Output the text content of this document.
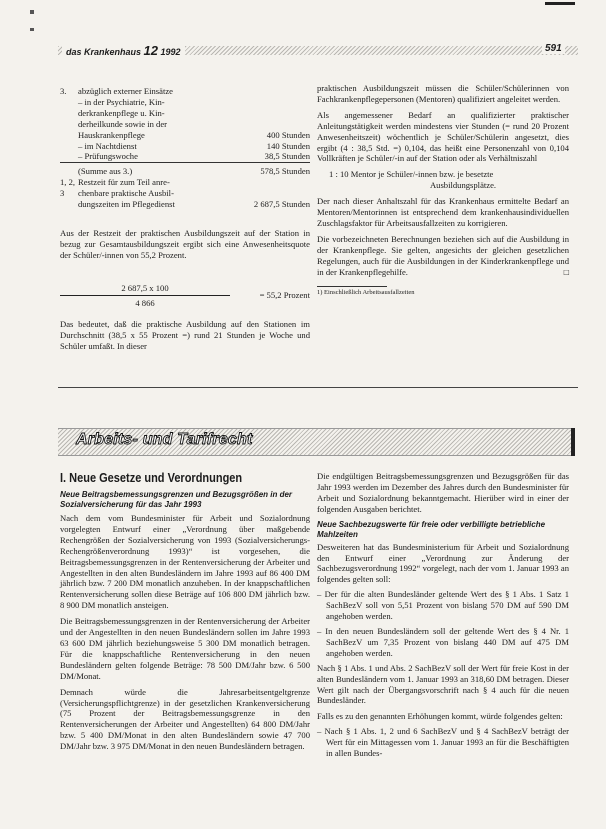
das Krankenhaus 12 1992	591
3.	abzüglich externer Einsätze
– in der Psychiatrie, Kin-
derkrankenpflege u. Kin-
derheilkunde sowie in der
Hauskrankenpflege	400 Stunden
– im Nachtdienst	140 Stunden
– Prüfungswoche	38,5 Stunden
(Summe aus 3.)	578,5 Stunden
1, 2, Restzeit für zum Teil anre-
3	chenbare praktische Ausbil-
dungszeiten im Pflegedienst	2 687,5 Stunden

Aus der Restzeit der praktischen Ausbildungszeit auf der Station in bezug zur Gesamtausbildungszeit ergibt sich eine Anwesenheitsquote der Schüler/-innen von 55,2 Prozent.

2 687,5 x 100
4 866
= 55,2 Prozent

Das bedeutet, daß die praktische Ausbildung auf den Stationen im Durchschnitt (38,5 x 55 Prozent =) rund 21 Stunden je Woche und Schüler umfaßt. In dieser

praktischen Ausbildungszeit müssen die Schüler/Schülerinnen von Fachkrankenpflegepersonen (Mentoren) qualifiziert angeleitet werden.

Als angemessener Bedarf an qualifizierter praktischer Anleitungstätigkeit werden mindestens vier Stunden (= rund 20 Prozent Anwesenheitszeit) wöchentlich je Schüler/Schülerin angesetzt, dies ergibt (4 : 38,5 Std. =) 0,104, das heißt eine Personenzahl von 0,104 Vollkräften je Schüler/-in auf der Station oder als Verhältniszahl

1 : 10 Mentor je Schüler/-innen bzw. je besetzte

Ausbildungsplätze.

Der nach dieser Anhaltszahl für das Krankenhaus ermittelte Bedarf an Mentoren/Mentorinnen ist entsprechend dem krankenhausindividuellen Zuschlagsfaktor für Arbeitsausfallzeiten zu korrigieren.

Die vorbezeichneten Berechnungen beziehen sich auf die Ausbildung in der Krankenpflege. Sie gelten, angesichts der gleichen gesetzlichen Regelungen, auch für die Ausbildungen in der Kinderkrankenpflege und in der Krankenpflegehilfe.	□

1) Einschließlich Arbeitsausfallzeiten

Arbeits- und Tarifrecht
I. Neue Gesetze und Verordnungen

Neue Beitragsbemessungsgrenzen und Bezugsgrößen in der Sozialversicherung für das Jahr 1993

Nach dem vom Bundesminister für Arbeit und Sozialordnung vorgelegten Entwurf einer „Verordnung über maßgebende Rechengrößen der Sozialversicherung von 1993 (Sozialversicherungs-Rechengrößenverordnung 1993)“ ist vorgesehen, die Beitragsbemessungsgrenzen in der Rentenversicherung der Arbeiter und Angestellten in den alten Bundesländern im Jahre 1993 auf 86 400 DM jährlich bzw. 7 200 DM monatlich anzuheben. In der knappschaftlichen Rentenversicherung sollen diese Beträge auf 106 800 DM jährlich bzw. 8 900 DM monatlich ansteigen.

Die Beitragsbemessungsgrenzen in der Rentenversicherung der Arbeiter und der Angestellten in den neuen Bundesländern sollen im Jahre 1993 63 600 DM jährlich beziehungsweise 5 300 DM monatlich betragen. Für die knappschaftliche Rentenversicherung in den neuen Bundesländern gelten folgende Beträge: 78 500 DM/Jahr bzw. 6 500 DM/Monat.

Demnach würde die Jahresarbeitsentgeltgrenze (Versicherungspflichtgrenze) in der gesetzlichen Krankenversicherung (75 Prozent der Beitragsbemessungsgrenze in den Rentenversicherungen der Arbeiter und Angestellten) 64 800 DM/Jahr bzw. 5 400 DM/Monat in den alten Bundesländern sowie 47 700 DM/Jahr bzw. 3 975 DM/Monat in den neuen Bundesländern betragen.

Die endgültigen Beitragsbemessungsgrenzen und Bezugsgrößen für das Jahr 1993 werden im Dezember des Jahres durch den Bundesminister für Arbeit und Sozialordnung bekanntgemacht. Hierüber wird in einer der folgenden Ausgaben berichtet.

Neue Sachbezugswerte für freie oder verbilligte betriebliche Mahlzeiten

Desweiteren hat das Bundesministerium für Arbeit und Sozialordnung den Entwurf einer „Verordnung zur Änderung der Sachbezugsverordnung 1992“ vorgelegt, nach der vom 1. Januar 1993 an folgendes gelten soll:

– Der für die alten Bundesländer geltende Wert des § 1 Abs. 1 Satz 1 SachBezV soll von 5,51 Prozent von bislang 570 DM auf 590 DM angehoben werden.

– In den neuen Bundesländern soll der geltende Wert des § 4 Nr. 1 SachBezV um 7,35 Prozent von bislang 440 DM auf 475 DM angehoben werden.

Nach § 1 Abs. 1 und Abs. 2 SachBezV soll der Wert für freie Kost in der alten Bundesländern vom 1. Januar 1993 an 318,60 DM betragen. Dieser Wert gilt nach der Übergangsvorschrift nach § 4 auch für die neuen Bundesländer.

Falls es zu den genannten Erhöhungen kommt, würde folgendes gelten:

– Nach § 1 Abs. 1, 2 und 6 SachBezV und § 4 SachBezV beträgt der Wert für ein Mittagessen vom 1. Januar 1993 an für die Beschäftigten in allen Bundes-
